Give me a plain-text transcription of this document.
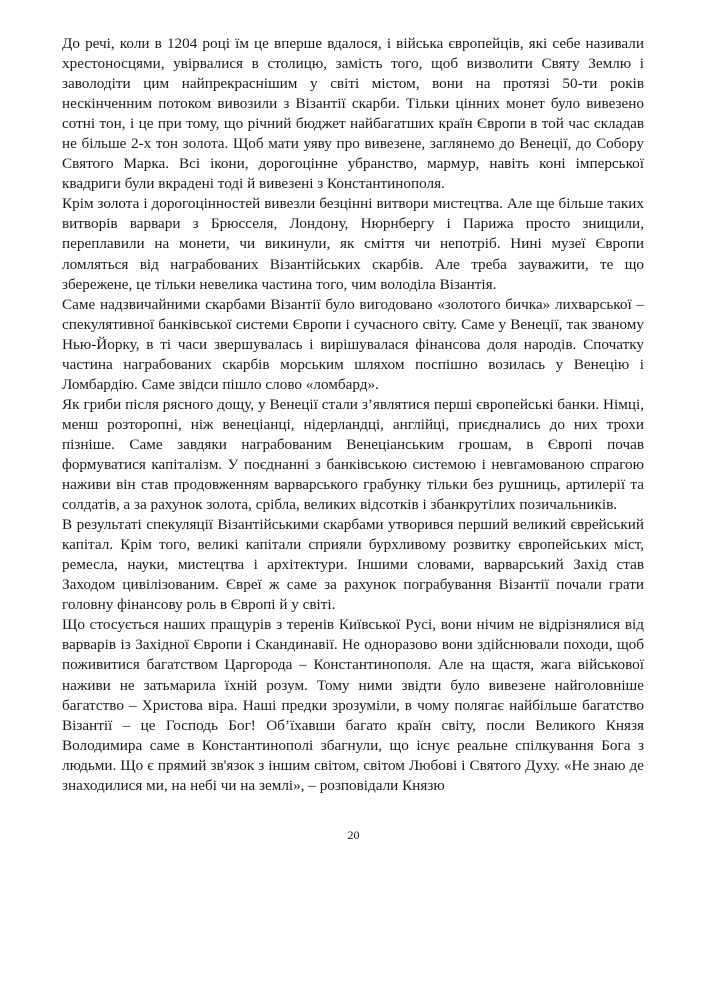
До речі, коли в 1204 році їм це вперше вдалося, і війська європейців, які себе називали хрестоносцями, увірвалися в столицю, замість того, щоб визволити Святу Землю і заволодіти цим найпрекраснішим у світі містом, вони на протязі 50-ти років нескінченним потоком вивозили з Візантії скарби. Тільки цінних монет було вивезено сотні тон, і це при тому, що річний бюджет найбагатших країн Європи в той час складав не більше 2-х тон золота. Щоб мати уяву про вивезене, заглянемо до Венеції, до Собору Святого Марка. Всі ікони, дорогоцінне убранство, мармур, навіть коні імперської квадриги були вкрадені тоді й вивезені з Константинополя.

Крім золота і дорогоцінностей вивезли безцінні витвори мистецтва. Але ще більше таких витворів варвари з Брюсселя, Лондону, Нюрнбергу і Парижа просто знищили, переплавили на монети, чи викинули, як сміття чи непотріб. Нині музеї Європи ломляться від награбованих Візантійських скарбів. Але треба зауважити, те що збережене, це тільки невелика частина того, чим володіла Візантія.

Саме надзвичайними скарбами Візантії було вигодовано «золотого бичка» лихварської – спекулятивної банківської системи Європи і сучасного світу. Саме у Венеції, так званому Нью-Йорку, в ті часи звершувалась і вирішувалася фінансова доля народів. Спочатку частина награбованих скарбів морським шляхом поспішно возилась у Венецію і Ломбардію. Саме звідси пішло слово «ломбард».

Як гриби після рясного дощу, у Венеції стали з’являтися перші європейські банки. Німці, менш розторопні, ніж венеціанці, нідерландці, англійці, приєднались до них трохи пізніше. Саме завдяки награбованим Венеціанським грошам, в Європі почав формуватися капіталізм. У поєднанні з банківською системою і невгамованою спрагою наживи він став продовженням варварського грабунку тільки без рушниць, артилерії та солдатів, а за рахунок золота, срібла, великих відсотків і збанкрутілих позичальників.

В результаті спекуляції Візантійськими скарбами утворився перший великий єврейський капітал. Крім того, великі капітали сприяли бурхливому розвитку європейських міст, ремесла, науки, мистецтва і архітектури. Іншими словами, варварський Захід став Заходом цивілізованим. Євреї ж саме за рахунок пограбування Візантії почали грати головну фінансову роль в Європі й у світі.

Що стосується наших пращурів з теренів Київської Русі, вони нічим не відрізнялися від варварів із Західної Європи і Скандинавії. Не одноразово вони здійснювали походи, щоб поживитися багатством Царгорода – Константинополя. Але на щастя, жага військової наживи не затьмарила їхній розум. Тому ними звідти було вивезене найголовніше багатство – Христова віра. Наші предки зрозуміли, в чому полягає найбільше багатство Візантії – це Господь Бог! Об’їхавши багато країн світу, посли Великого Князя Володимира саме в Константинополі збагнули, що існує реальне спілкування Бога з людьми. Що є прямий зв'язок з іншим світом, світом Любові і Святого Духу. «Не знаю де знаходилися ми, на небі чи на землі», – розповідали Князю

20
